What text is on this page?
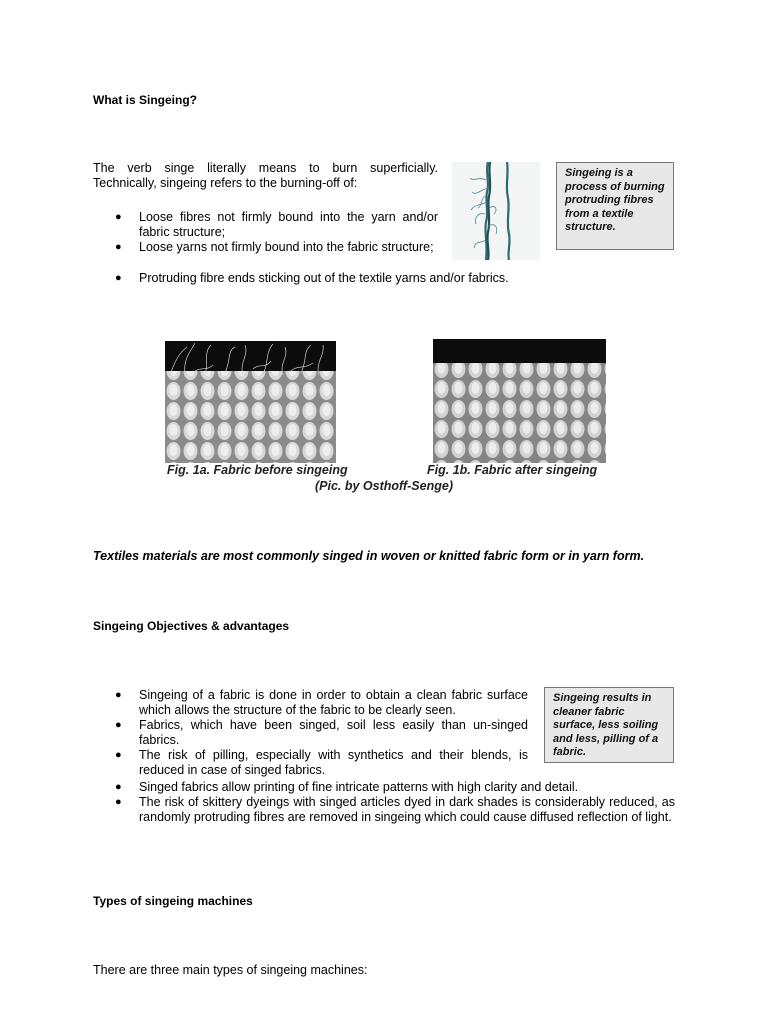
What is Singeing?
The verb singe literally means to burn superficially. Technically, singeing refers to the burning-off of:
● Loose fibres not firmly bound into the yarn and/or fabric structure;
● Loose yarns not firmly bound into the fabric structure;
● Protruding fibre ends sticking out of the textile yarns and/or fabrics.
Singeing is a process of burning protruding fibres from a textile structure.
Fig. 1a. Fabric before singeing	Fig. 1b. Fabric after singeing
(Pic. by Osthoff-Senge)
Textiles materials are most commonly singed in woven or knitted fabric form or in yarn form.
Singeing Objectives & advantages
● Singeing of a fabric is done in order to obtain a clean fabric surface which allows the structure of the fabric to be clearly seen.
● Fabrics, which have been singed, soil less easily than un-singed fabrics.
● The risk of pilling, especially with synthetics and their blends, is reduced in case of singed fabrics.
● Singed fabrics allow printing of fine intricate patterns with high clarity and detail.
● The risk of skittery dyeings with singed articles dyed in dark shades is considerably reduced, as randomly protruding fibres are removed in singeing which could cause diffused reflection of light.
Singeing results in cleaner fabric surface, less soiling and less, pilling of a fabric.
Types of singeing machines
There are three main types of singeing machines:
